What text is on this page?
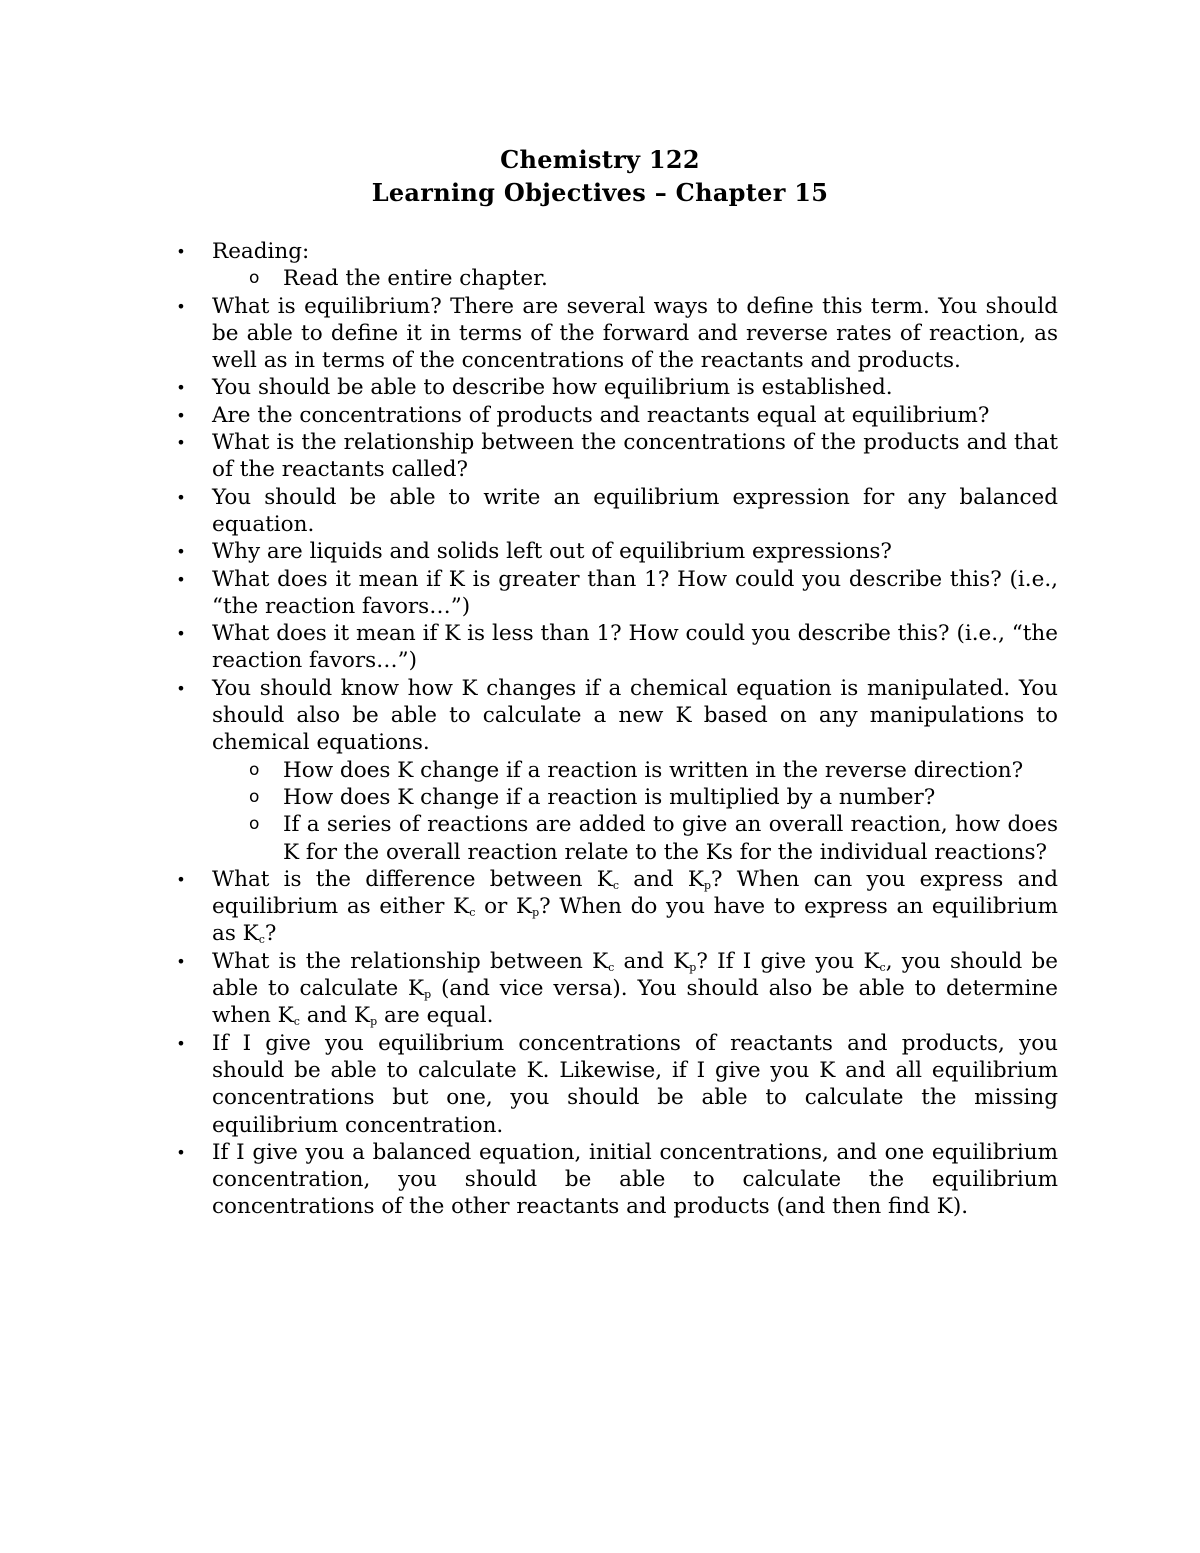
Chemistry 122
Learning Objectives – Chapter 15
• Reading:
o Read the entire chapter.
• What is equilibrium? There are several ways to define this term. You should be able to define it in terms of the forward and reverse rates of reaction, as well as in terms of the concentrations of the reactants and products.
• You should be able to describe how equilibrium is established.
• Are the concentrations of products and reactants equal at equilibrium?
• What is the relationship between the concentrations of the products and that of the reactants called?
• You should be able to write an equilibrium expression for any balanced equation.
• Why are liquids and solids left out of equilibrium expressions?
• What does it mean if K is greater than 1? How could you describe this? (i.e., “the reaction favors…”)
• What does it mean if K is less than 1? How could you describe this? (i.e., “the reaction favors…”)
• You should know how K changes if a chemical equation is manipulated. You should also be able to calculate a new K based on any manipulations to chemical equations.
o How does K change if a reaction is written in the reverse direction?
o How does K change if a reaction is multiplied by a number?
o If a series of reactions are added to give an overall reaction, how does K for the overall reaction relate to the Ks for the individual reactions?
• What is the difference between $K_c$ and $K_p$? When can you express and equilibrium as either $K_c$ or $K_p$? When do you have to express an equilibrium as $K_c$?
• What is the relationship between $K_c$ and $K_p$? If I give you $K_c$, you should be able to calculate $K_p$ (and vice versa). You should also be able to determine when $K_c$ and $K_p$ are equal.
• If I give you equilibrium concentrations of reactants and products, you should be able to calculate K. Likewise, if I give you K and all equilibrium concentrations but one, you should be able to calculate the missing equilibrium concentration.
• If I give you a balanced equation, initial concentrations, and one equilibrium concentration, you should be able to calculate the equilibrium concentrations of the other reactants and products (and then find K).
